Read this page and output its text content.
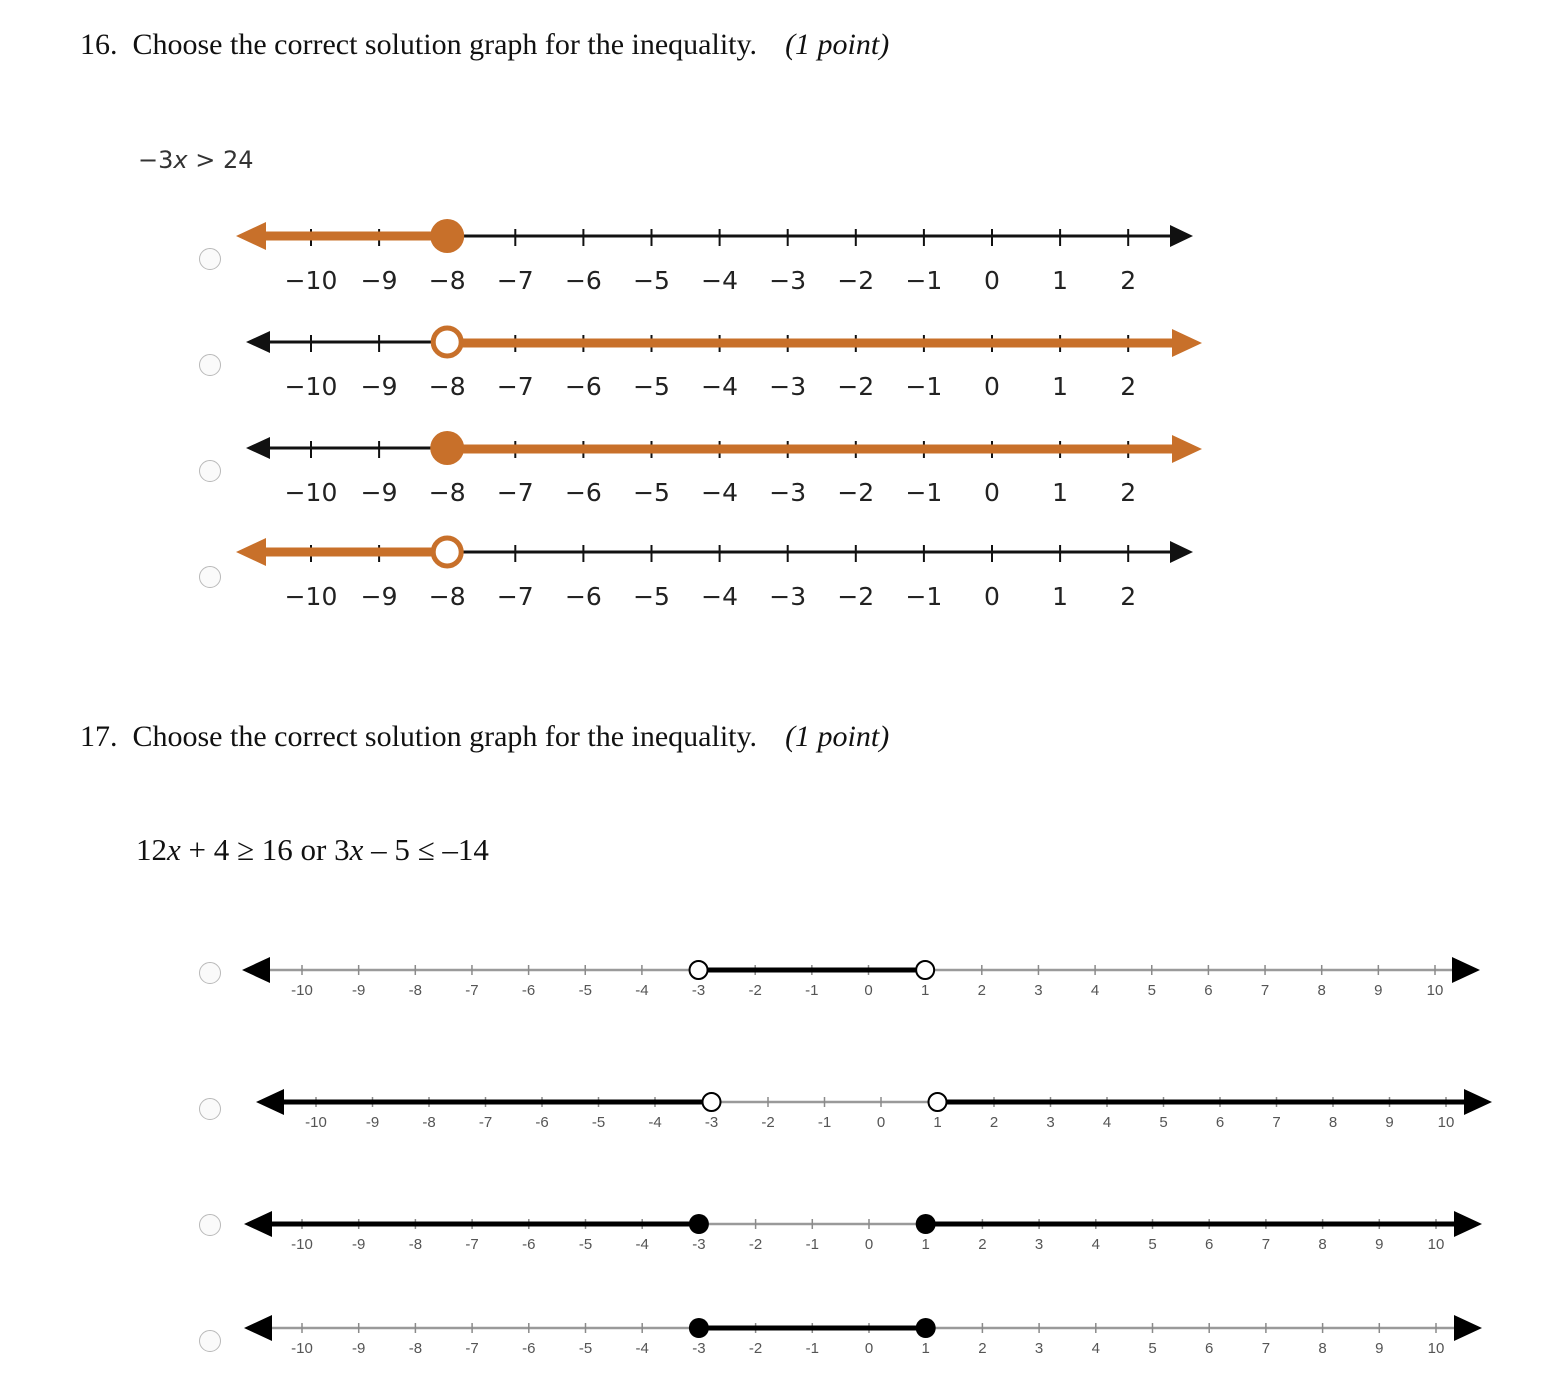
16. Choose the correct solution graph for the inequality. (1 point)
−3x > 24
17. Choose the correct solution graph for the inequality. (1 point)
12x + 4 ≥ 16 or 3x – 5 ≤ –14
−10 −9 −8 −7 −6 −5 −4 −3 −2 −1 0 1 2
−10 −9 −8 −7 −6 −5 −4 −3 −2 −1 0 1 2
−10 −9 −8 −7 −6 −5 −4 −3 −2 −1 0 1 2
−10 −9 −8 −7 −6 −5 −4 −3 −2 −1 0 1 2
-10	-9	-8	-7	-6	-5	-4	-3	-2	-1	0	1	2	3	4	5	6	7	8	9	10
-10	-9	-8	-7	-6	-5	-4	-3	-2	-1	0	1	2	3	4	5	6	7	8	9	10
-10	-9	-8	-7	-6	-5	-4	-3	-2	-1	0	1	2	3	4	5	6	7	8	9	10
-10	-9	-8	-7	-6	-5	-4	-3	-2	-1	0	1	2	3	4	5	6	7	8	9	10
